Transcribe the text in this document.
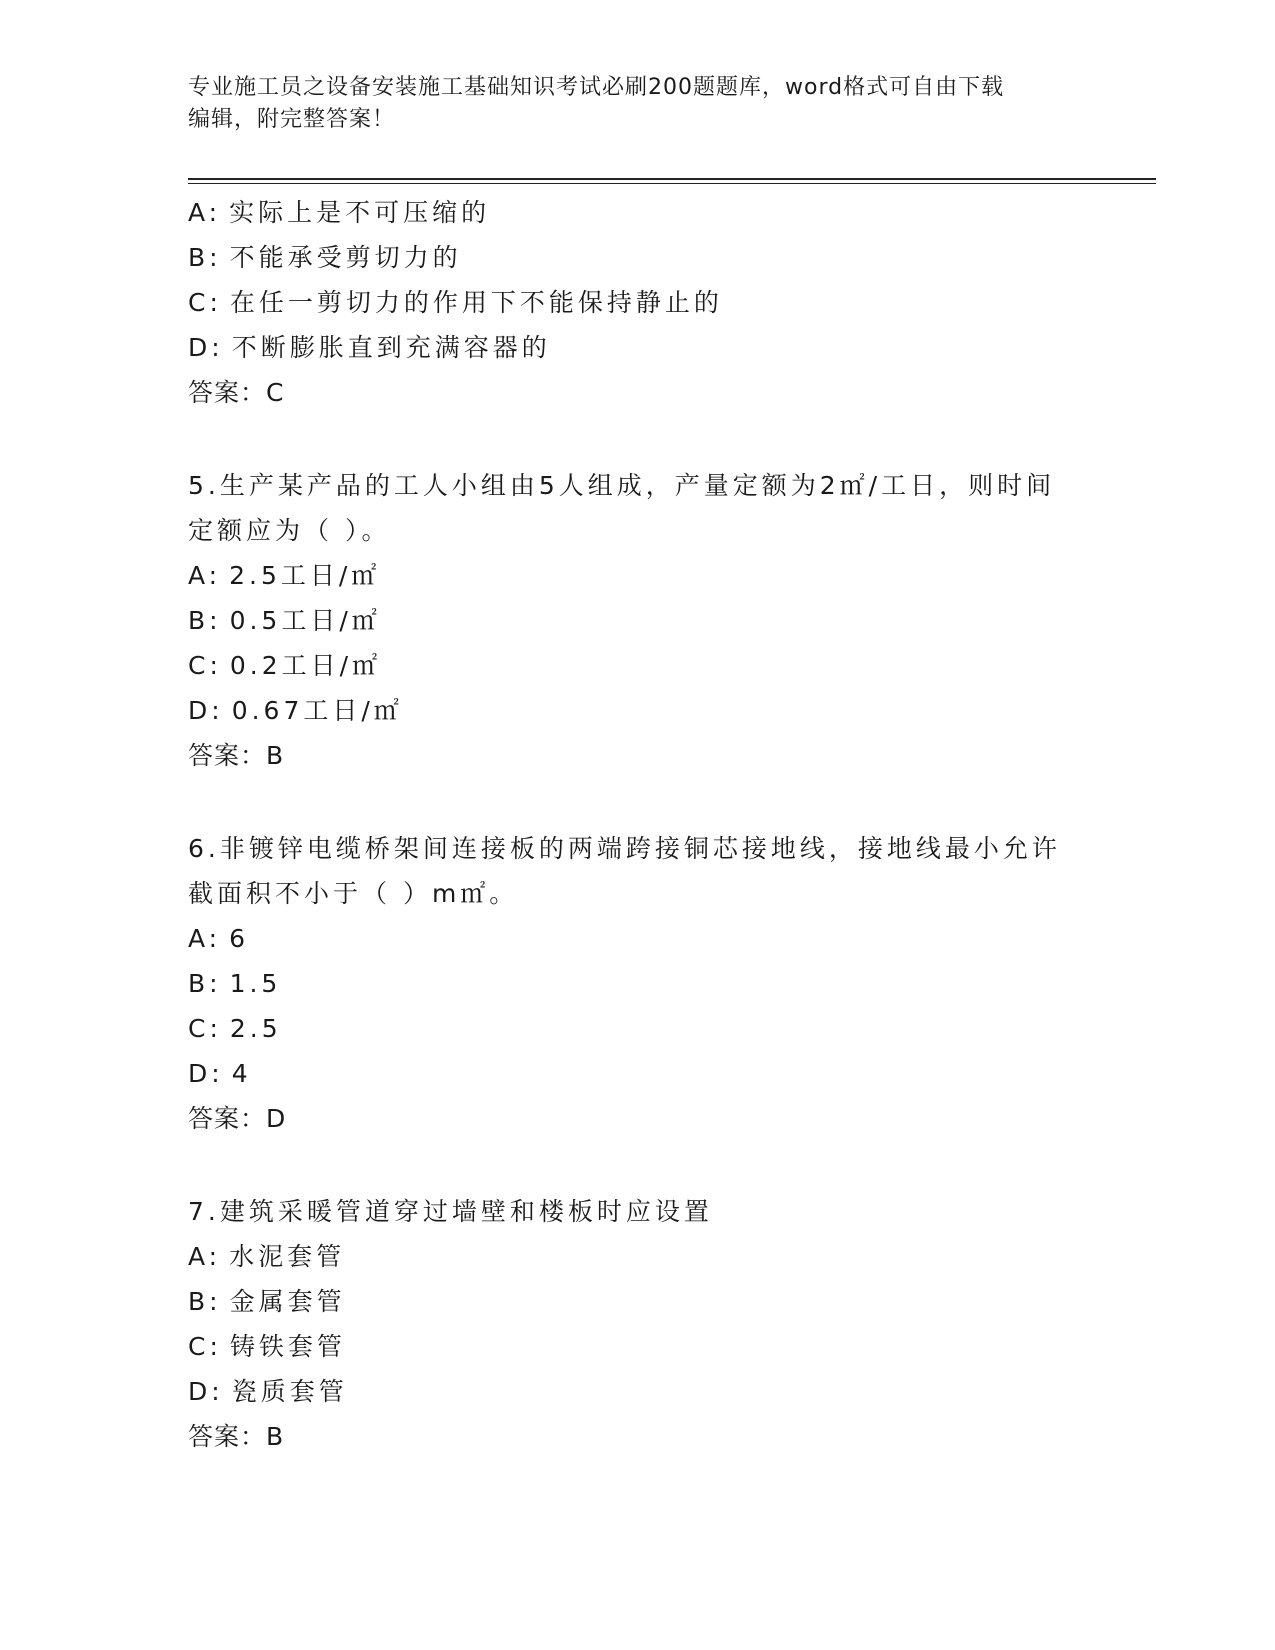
专业施工员之设备安装施工基础知识考试必刷200题题库，word格式可自由下载
编辑，附完整答案！
A: 实际上是不可压缩的
B: 不能承受剪切力的
C: 在任一剪切力的作用下不能保持静止的
D: 不断膨胀直到充满容器的
答案：C
5.生产某产品的工人小组由5人组成，产量定额为2㎡/工日，则时间
定额应为（ ）。
A: 2.5工日/㎡
B: 0.5工日/㎡
C: 0.2工日/㎡
D: 0.67工日/㎡
答案：B
6.非镀锌电缆桥架间连接板的两端跨接铜芯接地线，接地线最小允许
截面积不小于（ ）m㎡。
A: 6
B: 1.5
C: 2.5
D: 4
答案：D
7.建筑采暖管道穿过墙壁和楼板时应设置
A: 水泥套管
B: 金属套管
C: 铸铁套管
D: 瓷质套管
答案：B
